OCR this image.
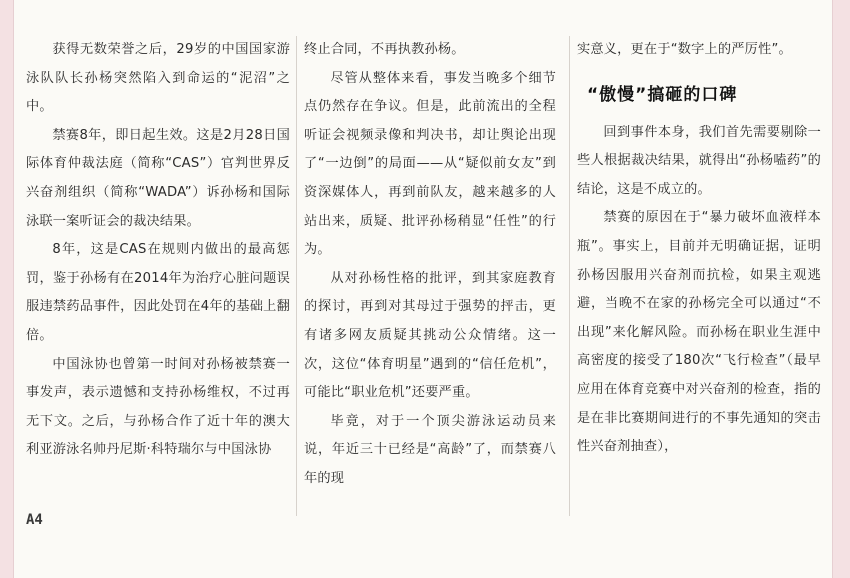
获得无数荣誉之后，29岁的中国国家游泳队队长孙杨突然陷入到命运的“泥沼”之中。

禁赛8年，即日起生效。这是2月28日国际体育仲裁法庭（简称“CAS”）官判世界反兴奋剂组织（简称“WADA”）诉孙杨和国际泳联一案听证会的裁决结果。

8年，这是CAS在规则内做出的最高惩罚，鉴于孙杨有在2014年为治疗心脏问题误服违禁药品事件，因此处罚在4年的基础上翻倍。

中国泳协也曾第一时间对孙杨被禁赛一事发声，表示遗憾和支持孙杨维权，不过再无下文。之后，与孙杨合作了近十年的澳大利亚游泳名帅丹尼斯·科特瑞尔与中国泳协

终止合同，不再执教孙杨。

尽管从整体来看，事发当晚多个细节点仍然存在争议。但是，此前流出的全程听证会视频录像和判决书，却让舆论出现了“一边倒”的局面——从“疑似前女友”到资深媒体人，再到前队友，越来越多的人站出来，质疑、批评孙杨稍显“任性”的行为。

从对孙杨性格的批评，到其家庭教育的探讨，再到对其母过于强势的抨击，更有诸多网友质疑其挑动公众情绪。这一次，这位“体育明星”遇到的“信任危机”，可能比“职业危机”还要严重。

毕竟，对于一个顶尖游泳运动员来说，年近三十已经是“高龄”了，而禁赛八年的现

实意义，更在于“数字上的严厉性”。

“傲慢”搞砸的口碑

回到事件本身，我们首先需要剔除一些人根据裁决结果，就得出“孙杨嗑药”的结论，这是不成立的。

禁赛的原因在于“暴力破坏血液样本瓶”。事实上，目前并无明确证据，证明孙杨因服用兴奋剂而抗检，如果主观逃避，当晚不在家的孙杨完全可以通过“不出现”来化解风险。而孙杨在职业生涯中高密度的接受了180次“飞行检查”（最早应用在体育竞赛中对兴奋剂的检查，指的是在非比赛期间进行的不事先通知的突击性兴奋剂抽查），

A4
